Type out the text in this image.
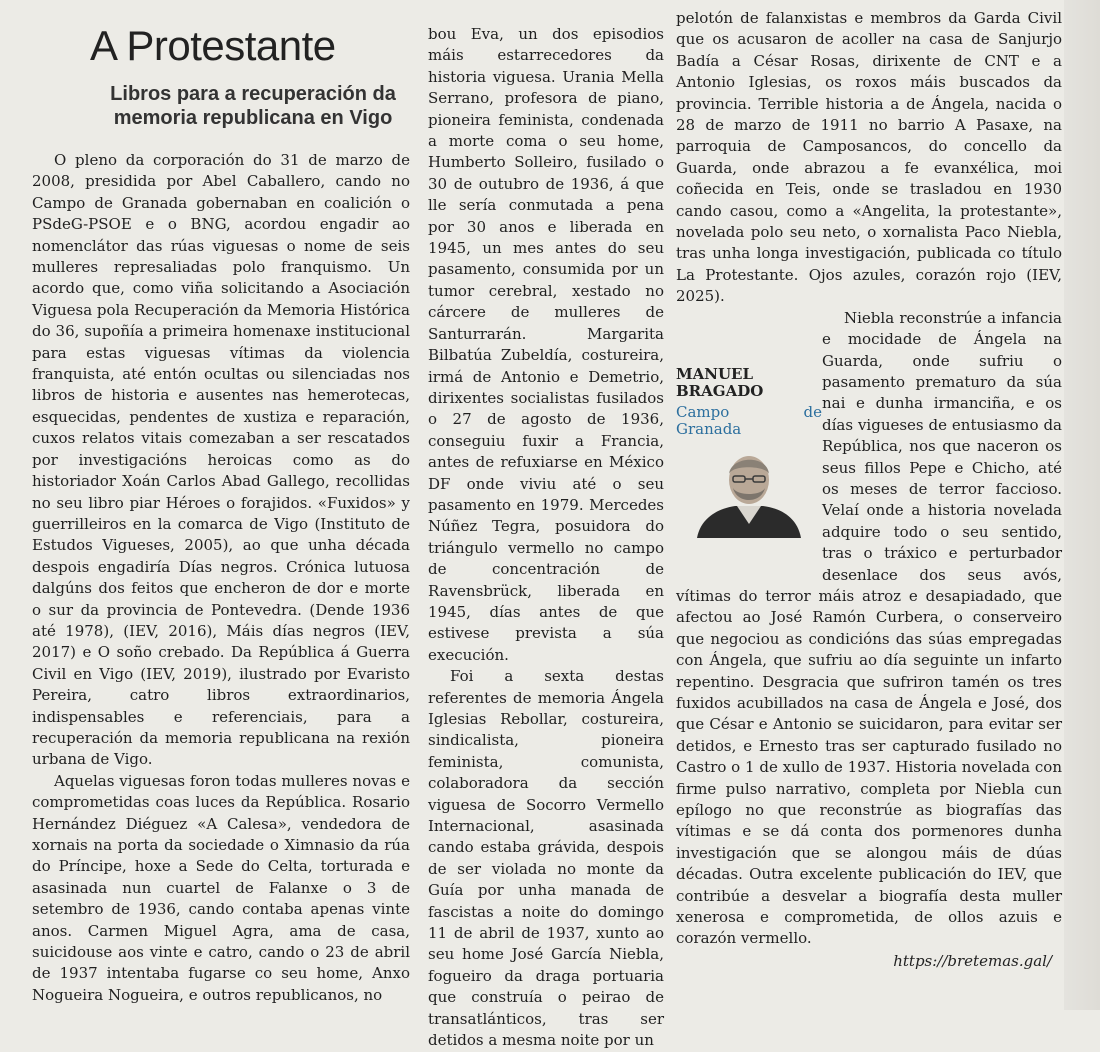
A Protestante
Libros para a recuperación da memoria republicana en Vigo

O pleno da corporación do 31 de marzo de 2008, presidida por Abel Caballero, cando no Campo de Granada gobernaban en coalición o PSdeG-PSOE e o BNG, acordou engadir ao nomenclátor das rúas viguesas o nome de seis mulleres represaliadas polo franquismo. Un acordo que, como viña solicitando a Asociación Viguesa pola Recuperación da Memoria Histórica do 36, supoñía a primeira homenaxe institucional para estas viguesas vítimas da violencia franquista, até entón ocultas ou silenciadas nos libros de historia e ausentes nas hemerotecas, esquecidas, pendentes de xustiza e reparación, cuxos relatos vitais comezaban a ser rescatados por investigacións heroicas como as do historiador Xoán Carlos Abad Gallego, recollidas no seu libro piar Héroes o forajidos. «Fuxidos» y guerrilleiros en la comarca de Vigo (Instituto de Estudos Vigueses, 2005), ao que unha década despois engadiría Días negros. Crónica lutuosa dalgúns dos feitos que encheron de dor e morte o sur da provincia de Pontevedra. (Dende 1936 até 1978), (IEV, 2016), Máis días negros (IEV, 2017) e O soño crebado. Da República á Guerra Civil en Vigo (IEV, 2019), ilustrado por Evaristo Pereira, catro libros extraordinarios, indispensables e referenciais, para a recuperación da memoria republicana na rexión urbana de Vigo.

Aquelas viguesas foron todas mulleres novas e comprometidas coas luces da República. Rosario Hernández Diéguez «A Calesa», vendedora de xornais na porta da sociedade o Ximnasio da rúa do Príncipe, hoxe a Sede do Celta, torturada e asasinada nun cuartel de Falanxe o 3 de setembro de 1936, cando contaba apenas vinte anos. Carmen Miguel Agra, ama de casa, suicidouse aos vinte e catro, cando o 23 de abril de 1937 intentaba fugarse co seu home, Anxo Nogueira Nogueira, e outros republicanos, no

bou Eva, un dos episodios máis estarrecedores da historia viguesa. Urania Mella Serrano, profesora de piano, pioneira feminista, condenada a morte coma o seu home, Humberto Solleiro, fusilado o 30 de outubro de 1936, á que lle sería conmutada a pena por 30 anos e liberada en 1945, un mes antes do seu pasamento, consumida por un tumor cerebral, xestado no cárcere de mulleres de Santurrarán. Margarita Bilbatúa Zubeldía, costureira, irmá de Antonio e Demetrio, dirixentes socialistas fusilados o 27 de agosto de 1936, conseguiu fuxir a Francia, antes de refuxiarse en México DF onde viviu até o seu pasamento en 1979. Mercedes Núñez Tegra, posuidora do triángulo vermello no campo de concentración de Ravensbrück, liberada en 1945, días antes de que estivese prevista a súa execución.

Foi a sexta destas referentes de memoria Ángela Iglesias Rebollar, costureira, sindicalista, pioneira feminista, comunista, colaboradora da sección viguesa de Socorro Vermello Internacional, asasinada cando estaba grávida, despois de ser violada no monte da Guía por unha manada de fascistas a noite do domingo 11 de abril de 1937, xunto ao seu home José García Niebla, fogueiro da draga portuaria que construía o peirao de transatlánticos, tras ser detidos a mesma noite por un

pelotón de falanxistas e membros da Garda Civil que os acusaron de acoller na casa de Sanjurjo Badía a César Rosas, dirixente de CNT e a Antonio Iglesias, os roxos máis buscados da provincia. Terrible historia a de Ángela, nacida o 28 de marzo de 1911 no barrio A Pasaxe, na parroquia de Camposancos, do concello da Guarda, onde abrazou a fe evanxélica, moi coñecida en Teis, onde se trasladou en 1930 cando casou, como a «Angelita, la protestante», novelada polo seu neto, o xornalista Paco Niebla, tras unha longa investigación, publicada co título La Protestante. Ojos azules, corazón rojo (IEV, 2025).

MANUEL
BRAGADO
Campo de Granada

Niebla reconstrúe a infancia e mocidade de Ángela na Guarda, onde sufriu o pasamento prematuro da súa nai e dunha irmanciña, e os días vigueses de entusiasmo da República, nos que naceron os seus fillos Pepe e Chicho, até os meses de terror faccioso. Velaí onde a historia novelada adquire todo o seu sentido, tras o tráxico e perturbador desenlace dos seus avós, vítimas do terror máis atroz e desapiadado, que afectou ao José Ramón Curbera, o conserveiro que negociou as condicións das súas empregadas con Ángela, que sufriu ao día seguinte un infarto repentino. Desgracia que sufriron tamén os tres fuxidos acubillados na casa de Ángela e José, dos que César e Antonio se suicidaron, para evitar ser detidos, e Ernesto tras ser capturado fusilado no Castro o 1 de xullo de 1937. Historia novelada con firme pulso narrativo, completa por Niebla cun epílogo no que reconstrúe as biografías das vítimas e se dá conta dos pormenores dunha investigación que se alongou máis de dúas décadas. Outra excelente publicación do IEV, que contribúe a desvelar a biografía desta muller xenerosa e comprometida, de ollos azuis e corazón vermello.

https://bretemas.gal/
